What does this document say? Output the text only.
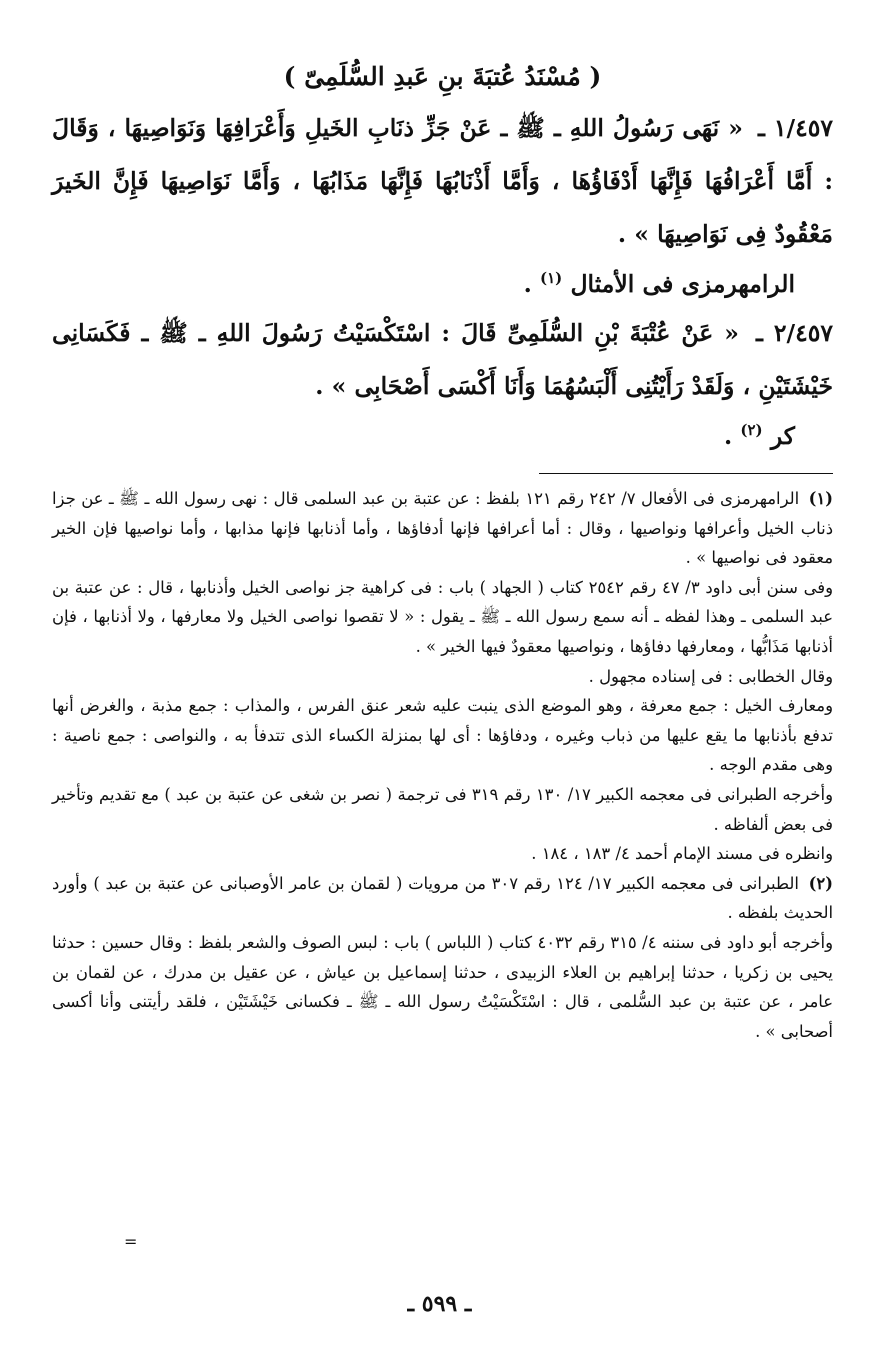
( مُسْنَدُ عُتبَةَ بنِ عَبدِ السُّلَمِىّ )

١/٤٥٧ ـ « نَهَى رَسُولُ اللهِ ـ ﷺ ـ عَنْ جَزِّ ذنَابِ الخَيلِ وَأَعْرَافِهَا وَنَوَاصِيهَا ، وَقَالَ : أَمَّا أَعْرَافُهَا فَإِنَّهَا أَدْفَاؤُهَا ، وَأَمَّا أَذْنَابُهَا فَإِنَّهَا مَذَابُهَا ، وَأَمَّا نَوَاصِيهَا فَإِنَّ الخَيرَ مَعْقُودٌ فِى نَوَاصِيهَا » .

الرامهرمزى فى الأمثال $^{(١)}$ .

٢/٤٥٧ ـ « عَنْ عُتْبَةَ بْنِ السُّلَمِىِّ قَالَ : اسْتَكْسَيْتُ رَسُولَ اللهِ ـ ﷺ ـ فَكَسَانِى خَيْشَتَيْنِ ، وَلَقَدْ رَأَيْتُنِى أَلْبَسُهُمَا وَأَنَا أَكْسَى أَصْحَابِى » .

كر $^{(٢)}$ .

(١) الرامهرمزى فى الأفعال ٧/ ٢٤٢ رقم ١٢١ بلفظ : عن عتبة بن عبد السلمى قال : نهى رسول الله ـ ﷺ ـ عن جزا ذناب الخيل وأعرافها ونواصيها ، وقال : أما أعرافها فإنها أدفاؤها ، وأما أذنابها فإنها مذابها ، وأما نواصيها فإن الخير معقود فى نواصيها » .

وفى سنن أبى داود ٣/ ٤٧ رقم ٢٥٤٢ كتاب ( الجهاد ) باب : فى كراهية جز نواصى الخيل وأذنابها ، قال : عن عتبة بن عبد السلمى ـ وهذا لفظه ـ أنه سمع رسول الله ـ ﷺ ـ يقول : « لا تقصوا نواصى الخيل ولا معارفها ، ولا أذنابها ، فإن أذنابها مَذَابُّها ، ومعارفها دفاؤها ، ونواصيها معقودٌ فيها الخير » .

وقال الخطابى : فى إسناده مجهول .

ومعارف الخيل : جمع معرفة ، وهو الموضع الذى ينبت عليه شعر عنق الفرس ، والمذاب : جمع مذبة ، والغرض أنها تدفع بأذنابها ما يقع عليها من ذباب وغيره ، ودفاؤها : أى لها بمنزلة الكساء الذى تتدفأ به ، والنواصى : جمع ناصية : وهى مقدم الوجه .

وأخرجه الطبرانى فى معجمه الكبير ١٧/ ١٣٠ رقم ٣١٩ فى ترجمة ( نصر بن شغى عن عتبة بن عبد ) مع تقديم وتأخير فى بعض ألفاظه .

وانظره فى مسند الإمام أحمد ٤/ ١٨٣ ، ١٨٤ .

(٢) الطبرانى فى معجمه الكبير ١٧/ ١٢٤ رقم ٣٠٧ من مرويات ( لقمان بن عامر الأوصبانى عن عتبة بن عبد ) وأورد الحديث بلفظه .

وأخرجه أبو داود فى سننه ٤/ ٣١٥ رقم ٤٠٣٢ كتاب ( اللباس ) باب : لبس الصوف والشعر بلفظ : وقال حسين : حدثنا يحيى بن زكريا ، حدثنا إبراهيم بن العلاء الزبيدى ، حدثنا إسماعيل بن عياش ، عن عقيل بن مدرك ، عن لقمان بن عامر ، عن عتبة بن عبد السُّلمى ، قال : اسْتَكْسَيْتُ رسول الله ـ ﷺ ـ فكسانى خَيْشَتَيْن ، فلقد رأيتنى وأنا أكسى أصحابى » .

=
ـ ٥٩٩ ـ
